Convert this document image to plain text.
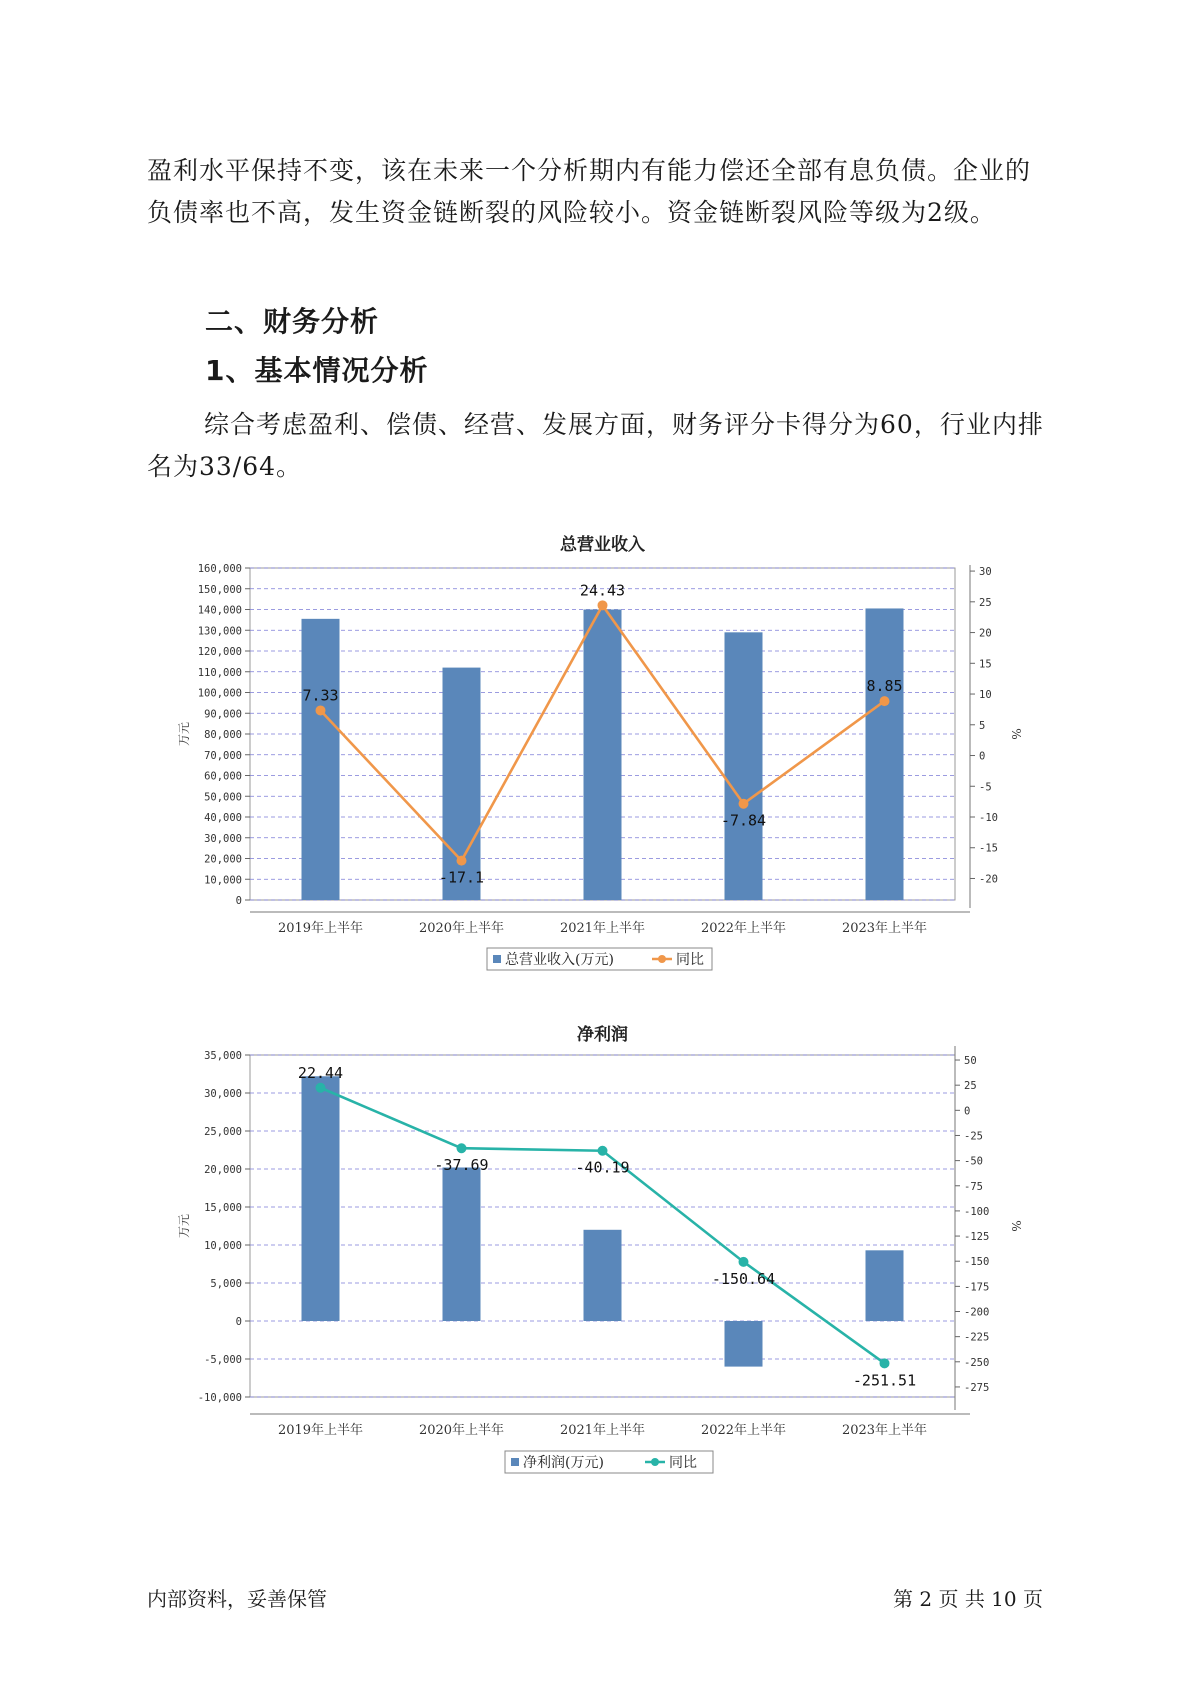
盈利水平保持不变，该在未来一个分析期内有能力偿还全部有息负债。企业的负债率也不高，发生资金链断裂的风险较小。资金链断裂风险等级为2级。

二、财务分析
1、基本情况分析

综合考虑盈利、偿债、经营、发展方面，财务评分卡得分为60，行业内排名为33/64。

总营业收入
0
10,000
20,000
30,000
40,000
50,000
60,000
70,000
80,000
90,000
100,000
110,000
120,000
130,000
140,000
150,000
160,000	30
25
20
15
10
5
0
-5
-10
-15
-20
万元	%
2019年上半年	2020年上半年	2021年上半年	2022年上半年	2023年上半年
7.33
-17.1
24.43
-7.84
8.85
总营业收入(万元)	同比
净利润
35,000
30,000
25,000
20,000
15,000
10,000
5,000
0
-5,000
-10,000
50
25
0
-25
-50
-75
-100
-125
-150
-175
-200
-225
-250
-275
万元	%
2019年上半年	2020年上半年	2021年上半年	2022年上半年	2023年上半年
22.44
-37.69	-40.19
-150.64
-251.51
净利润(万元)	同比
内部资料，妥善保管	第 2 页 共 10 页
